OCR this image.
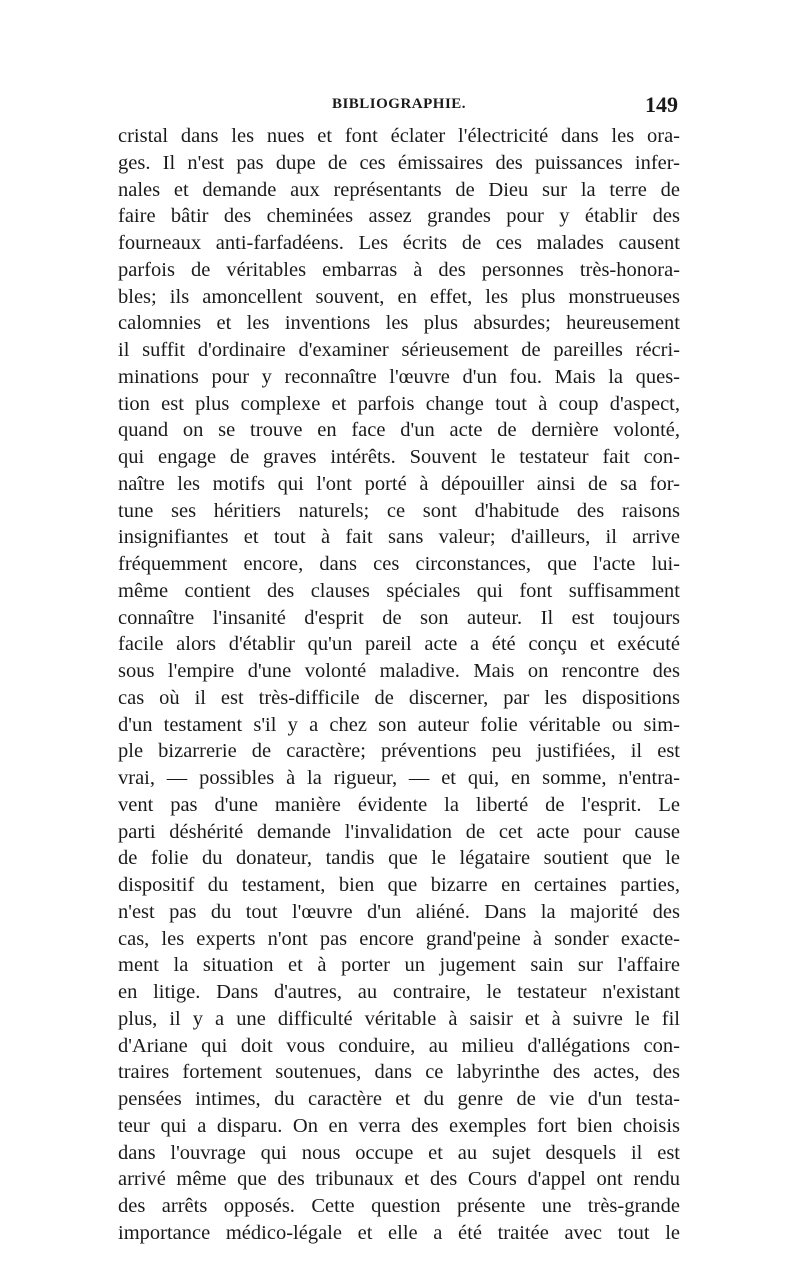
BIBLIOGRAPHIE.	149
cristal dans les nues et font éclater l'électricité dans les ora-
ges. Il n'est pas dupe de ces émissaires des puissances infer-
nales et demande aux représentants de Dieu sur la terre de
faire bâtir des cheminées assez grandes pour y établir des
fourneaux anti-farfadéens. Les écrits de ces malades causent
parfois de véritables embarras à des personnes très-honora-
bles; ils amoncellent souvent, en effet, les plus monstrueuses
calomnies et les inventions les plus absurdes; heureusement
il suffit d'ordinaire d'examiner sérieusement de pareilles récri-
minations pour y reconnaître l'œuvre d'un fou. Mais la ques-
tion est plus complexe et parfois change tout à coup d'aspect,
quand on se trouve en face d'un acte de dernière volonté,
qui engage de graves intérêts. Souvent le testateur fait con-
naître les motifs qui l'ont porté à dépouiller ainsi de sa for-
tune ses héritiers naturels; ce sont d'habitude des raisons
insignifiantes et tout à fait sans valeur; d'ailleurs, il arrive
fréquemment encore, dans ces circonstances, que l'acte lui-
même contient des clauses spéciales qui font suffisamment
connaître l'insanité d'esprit de son auteur. Il est toujours
facile alors d'établir qu'un pareil acte a été conçu et exécuté
sous l'empire d'une volonté maladive. Mais on rencontre des
cas où il est très-difficile de discerner, par les dispositions
d'un testament s'il y a chez son auteur folie véritable ou sim-
ple bizarrerie de caractère; préventions peu justifiées, il est
vrai, — possibles à la rigueur, — et qui, en somme, n'entra-
vent pas d'une manière évidente la liberté de l'esprit. Le
parti déshérité demande l'invalidation de cet acte pour cause
de folie du donateur, tandis que le légataire soutient que le
dispositif du testament, bien que bizarre en certaines parties,
n'est pas du tout l'œuvre d'un aliéné. Dans la majorité des
cas, les experts n'ont pas encore grand'peine à sonder exacte-
ment la situation et à porter un jugement sain sur l'affaire
en litige. Dans d'autres, au contraire, le testateur n'existant
plus, il y a une difficulté véritable à saisir et à suivre le fil
d'Ariane qui doit vous conduire, au milieu d'allégations con-
traires fortement soutenues, dans ce labyrinthe des actes, des
pensées intimes, du caractère et du genre de vie d'un testa-
teur qui a disparu. On en verra des exemples fort bien choisis
dans l'ouvrage qui nous occupe et au sujet desquels il est
arrivé même que des tribunaux et des Cours d'appel ont rendu
des arrêts opposés. Cette question présente une très-grande
importance médico-légale et elle a été traitée avec tout le
